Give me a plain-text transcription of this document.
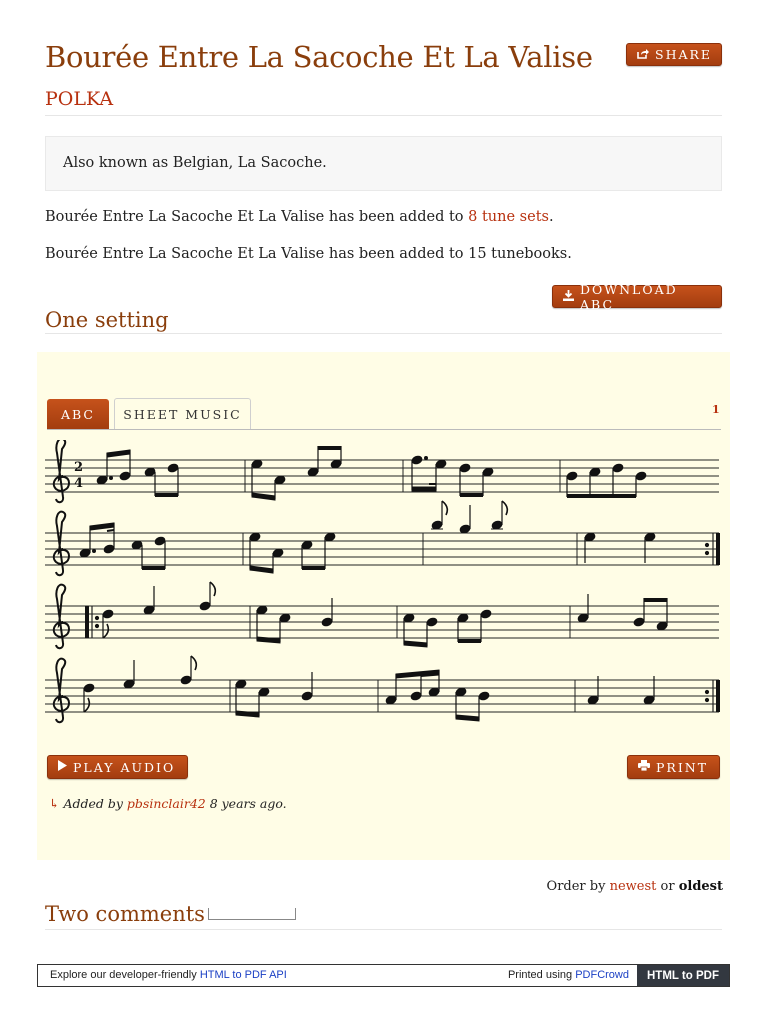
Bourée Entre La Sacoche Et La Valise
POLKA
SHARE
Also known as Belgian, La Sacoche.
Bourée Entre La Sacoche Et La Valise has been added to 8 tune sets.
Bourée Entre La Sacoche Et La Valise has been added to 15 tunebooks.
DOWNLOAD ABC
One setting
ABC	SHEET MUSIC	1
2
4
PLAY AUDIO	PRINT
↳ Added by pbsinclair42 8 years ago.
Order by newest or oldest
Two comments
Explore our developer-friendly HTML to PDF API	Printed using PDFCrowd	HTML to PDF
